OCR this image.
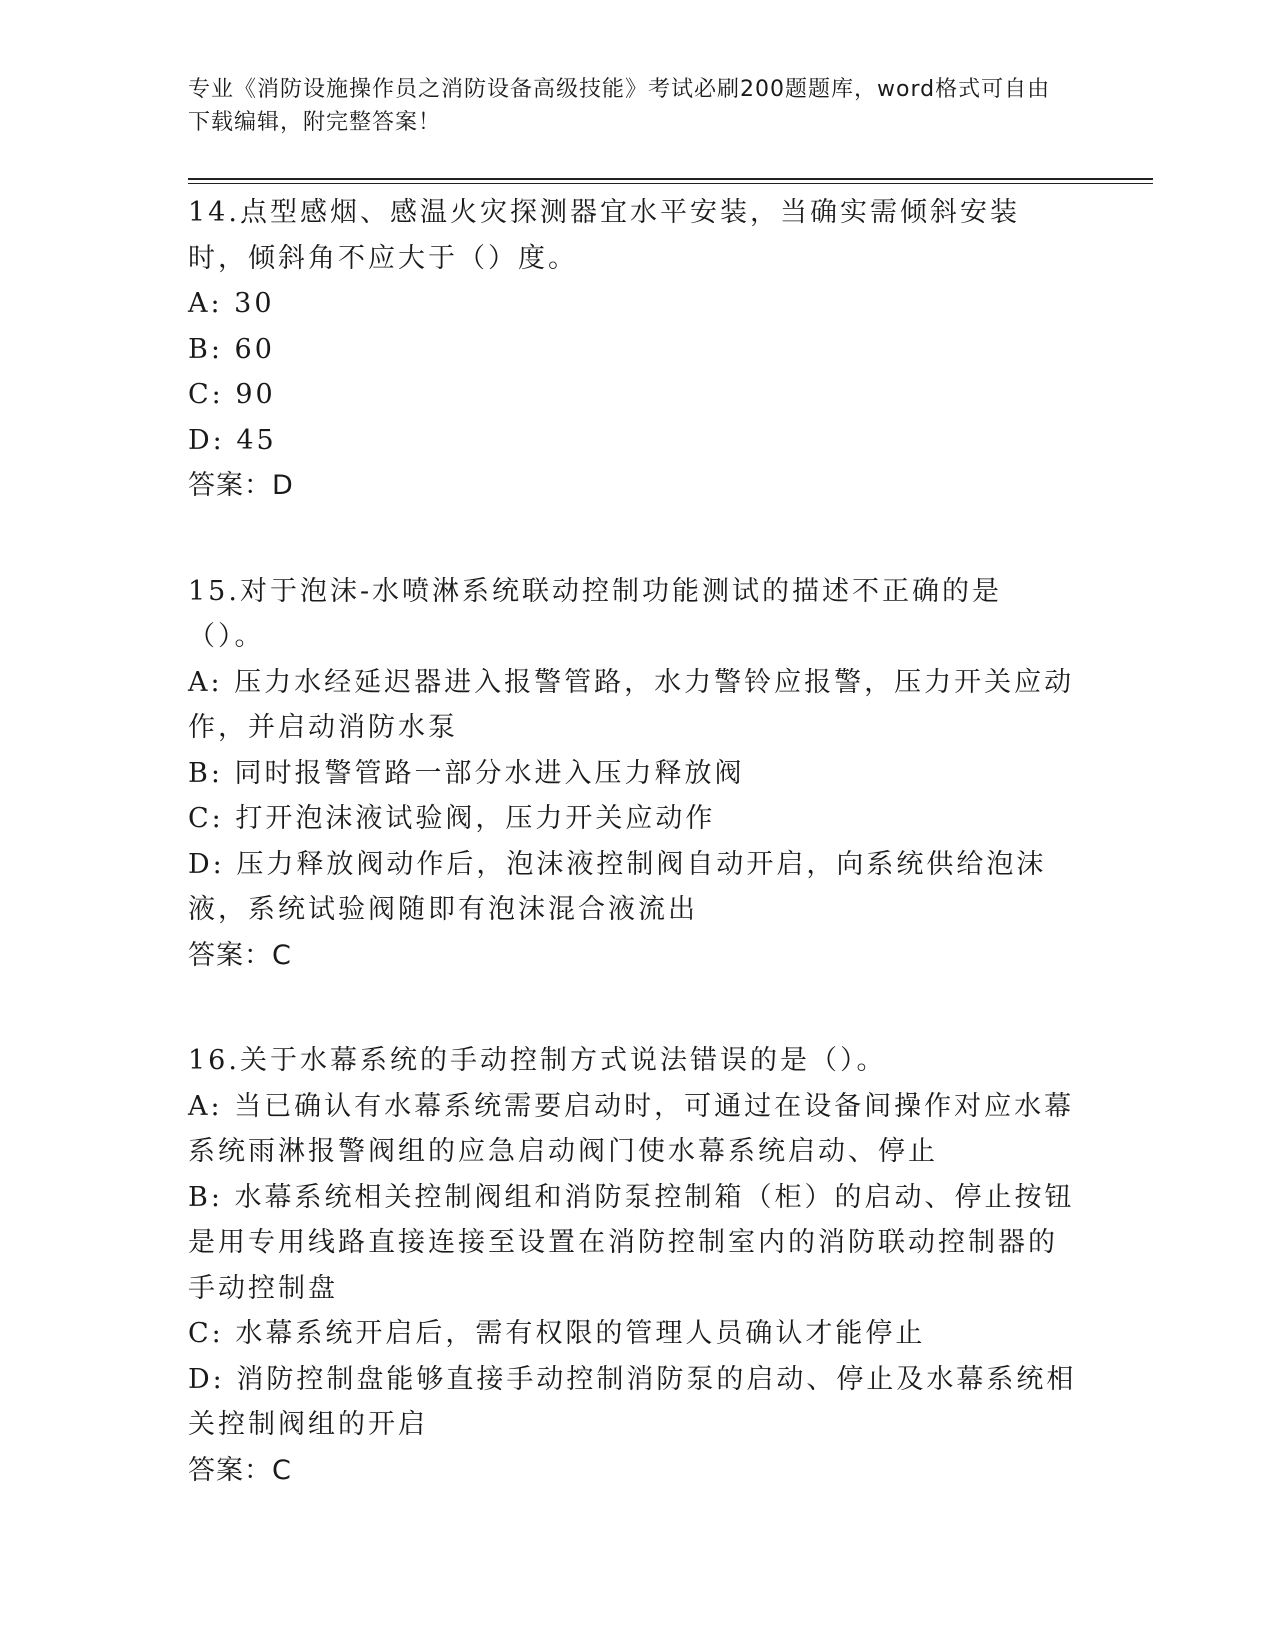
专业《消防设施操作员之消防设备高级技能》考试必刷200题题库，word格式可自由下载编辑，附完整答案！

14.点型感烟、感温火灾探测器宜水平安装，当确实需倾斜安装时，倾斜角不应大于（）度。

A: 30

B: 60

C: 90

D: 45

答案：D

15.对于泡沫-水喷淋系统联动控制功能测试的描述不正确的是（）。

A: 压力水经延迟器进入报警管路，水力警铃应报警，压力开关应动作，并启动消防水泵

B: 同时报警管路一部分水进入压力释放阀

C: 打开泡沫液试验阀，压力开关应动作

D: 压力释放阀动作后，泡沫液控制阀自动开启，向系统供给泡沫液，系统试验阀随即有泡沫混合液流出

答案：C

16.关于水幕系统的手动控制方式说法错误的是（）。

A: 当已确认有水幕系统需要启动时，可通过在设备间操作对应水幕系统雨淋报警阀组的应急启动阀门使水幕系统启动、停止

B: 水幕系统相关控制阀组和消防泵控制箱（柜）的启动、停止按钮是用专用线路直接连接至设置在消防控制室内的消防联动控制器的手动控制盘

C: 水幕系统开启后，需有权限的管理人员确认才能停止

D: 消防控制盘能够直接手动控制消防泵的启动、停止及水幕系统相关控制阀组的开启

答案：C
